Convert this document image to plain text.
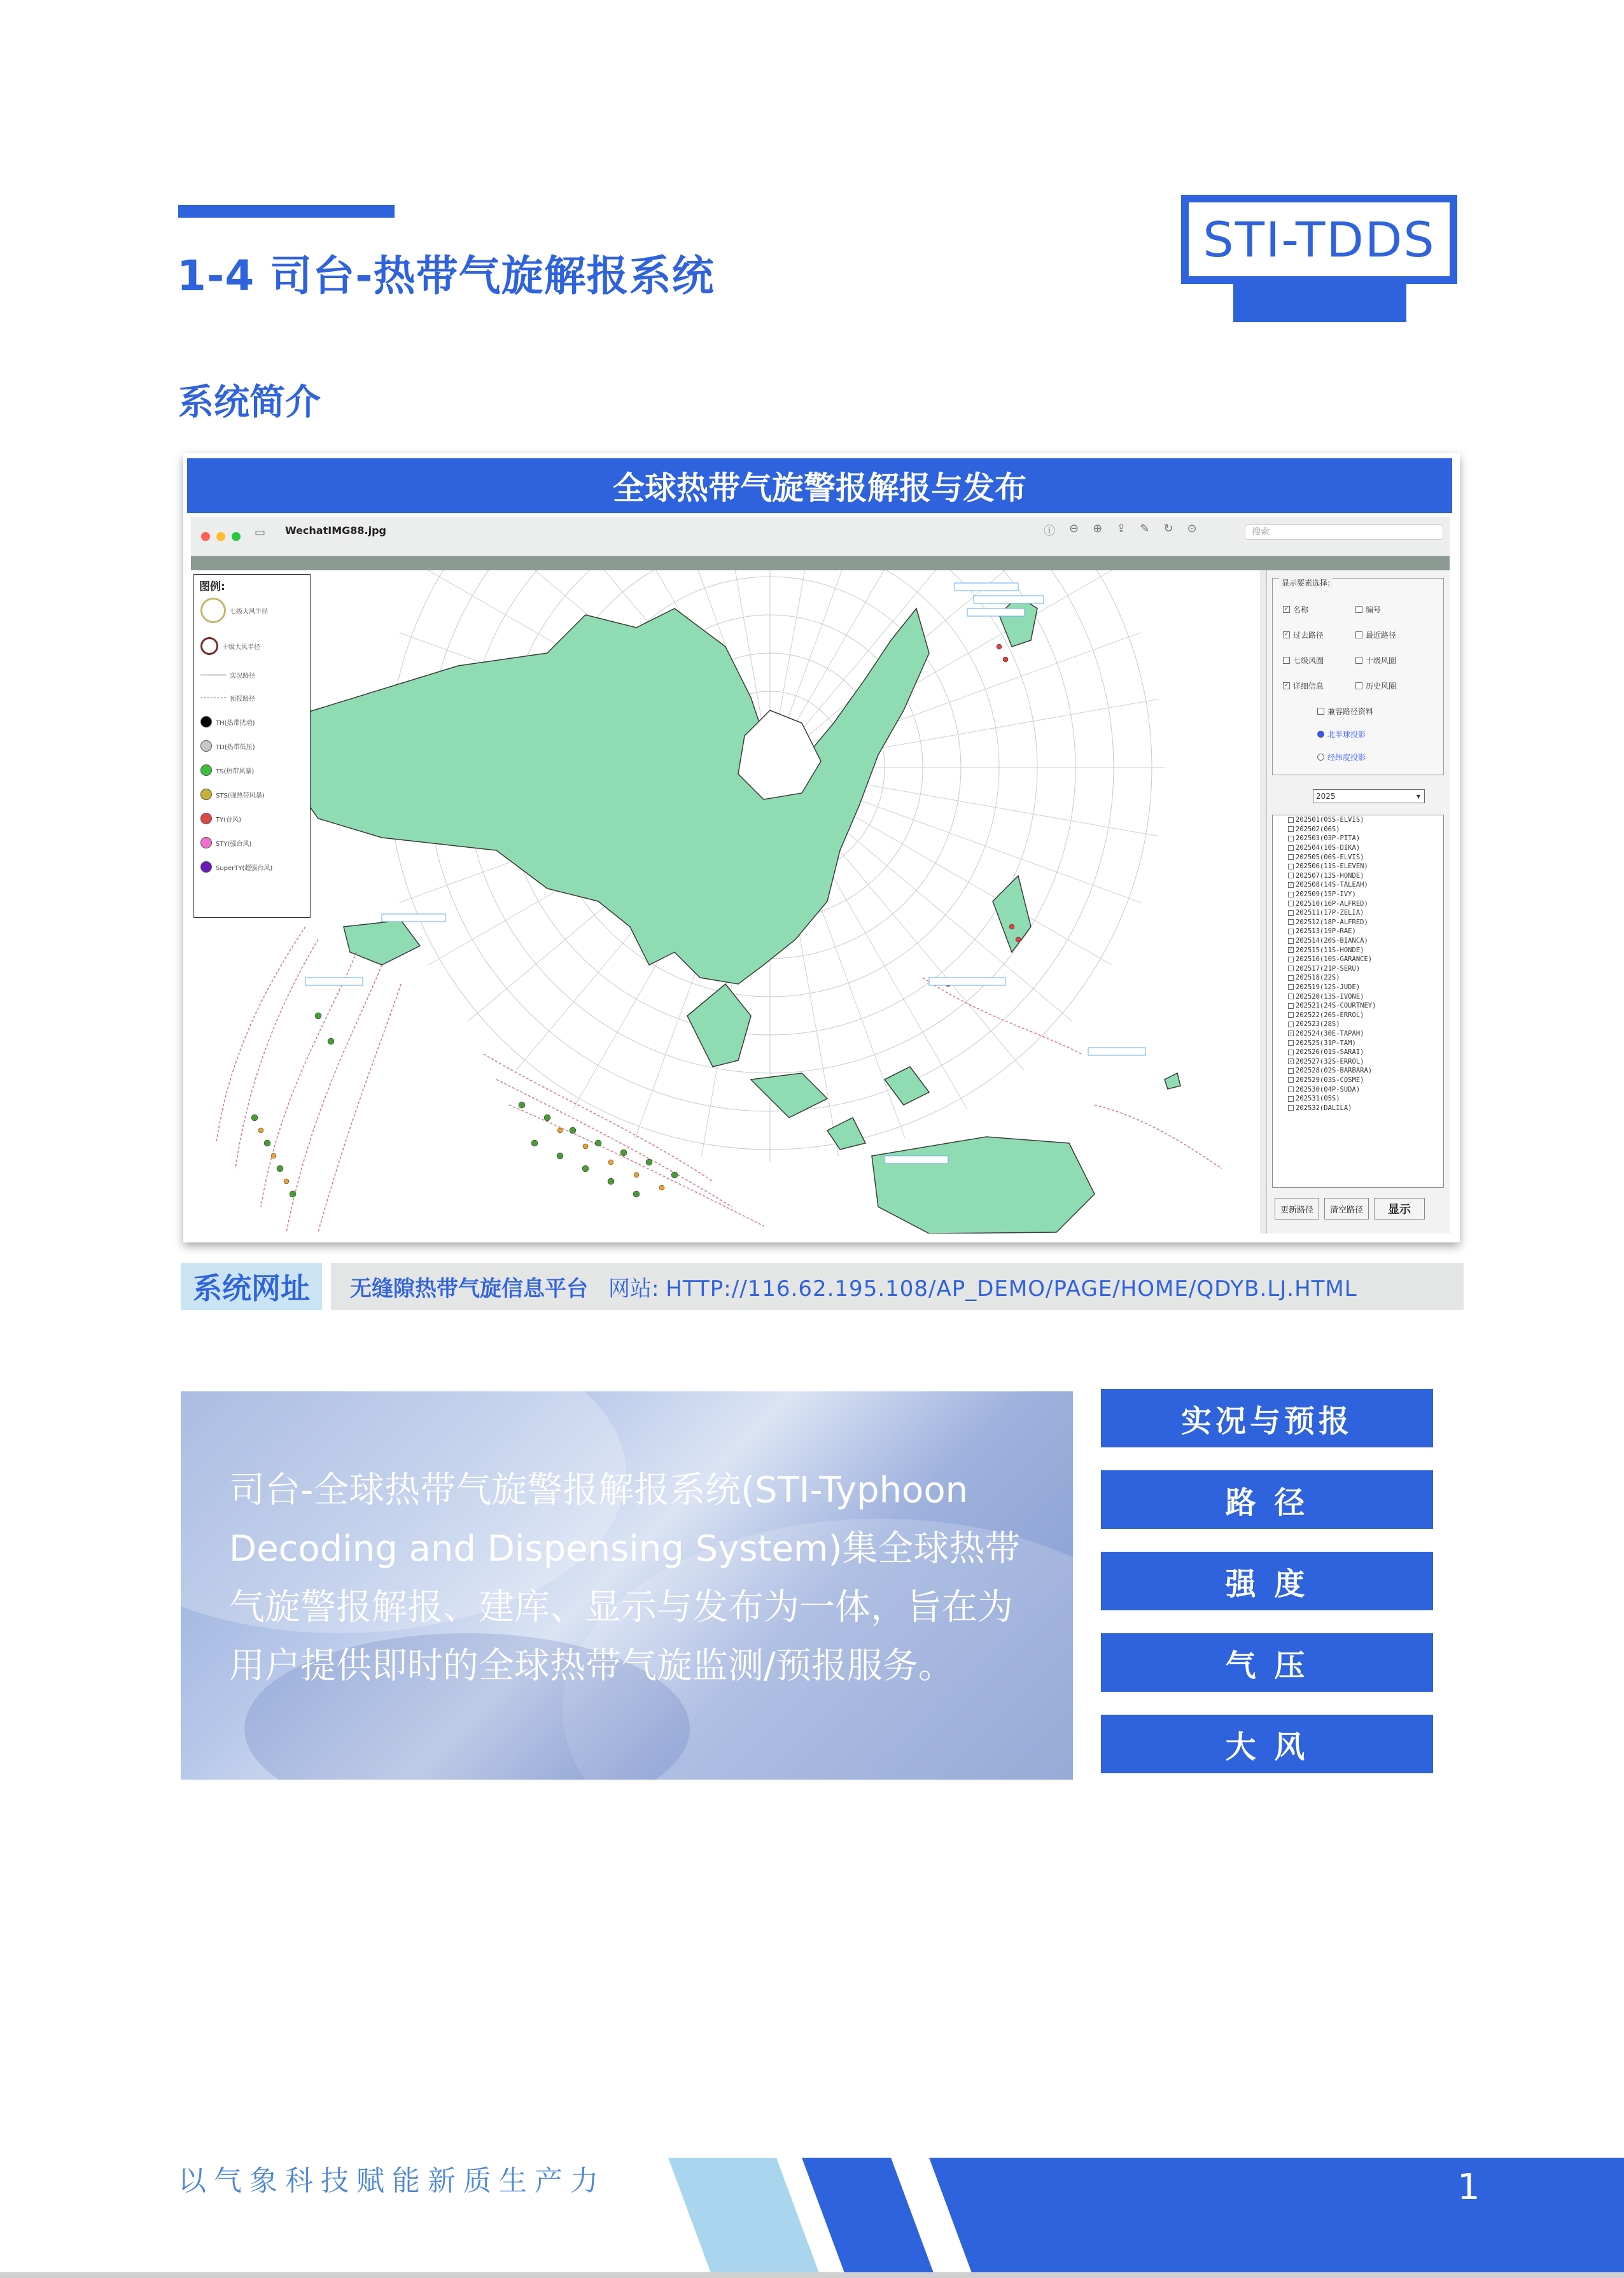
1-4 司台-热带气旋解报系统
STI-TDDS
系统简介
全球热带气旋警报解报与发布
▭ WechatIMG88.jpg	ⓘ ⊖ ⊕ ⇪ ✎ ↻ ⊙	搜索
图例:
七级大风半径
十级大风半径
实况路径
预报路径
TH(热带扰动)
TD(热带低压)
TS(热带风暴)
STS(强热带风暴)
TY(台风)
STY(强台风)
SuperTY(超强台风)
显示要素选择:
✓ 名称	编号
✓ 过去路径	最近路径
七级风圈	十级风圈
✓ 详细信息	历史风圈
兼容路径资料
北半球投影
经纬度投影
2025	▾
202501(05S-ELVIS)
202502(06S)
202503(03P-PITA)
202504(10S-DIKA)
202505(06S-ELVIS)
202506(11S-ELEVEN)
202507(13S-HONDE)
✓ 202508(14S-TALEAH)
202509(15P-IVY)
202510(16P-ALFRED)
202511(17P-ZELIA)
202512(18P-ALFRED)
202513(19P-RAE)
202514(20S-BIANCA)
✓ 202515(11S-HONDE)
202516(10S-GARANCE)
202517(21P-SERU)
202518(22S)
202519(12S-JUDE)
202520(13S-IVONE)
202521(24S-COURTNEY)
202522(26S-ERROL)
202523(28S)
✓ 202524(30E-TAPAH)
202525(31P-TAM)
202526(01S-SARAI)
✓ 202527(32S-ERROL)
202528(02S-BARBARA)
202529(03S-COSME)
202530(04P-SUDA)
202531(05S)
202532(DALILA)
更新路径	清空路径	显示
系统网址	无缝隙热带气旋信息平台 网站: HTTP://116.62.195.108/AP_DEMO/PAGE/HOME/QDYB.LJ.HTML
司台-全球热带气旋警报解报系统(STI-Typhoon Decoding and Dispensing System)集全球热带气旋警报解报、建库、显示与发布为一体，旨在为用户提供即时的全球热带气旋监测/预报服务。
实况与预报
路 径
强 度
气 压
大 风
以气象科技赋能新质生产力	1
